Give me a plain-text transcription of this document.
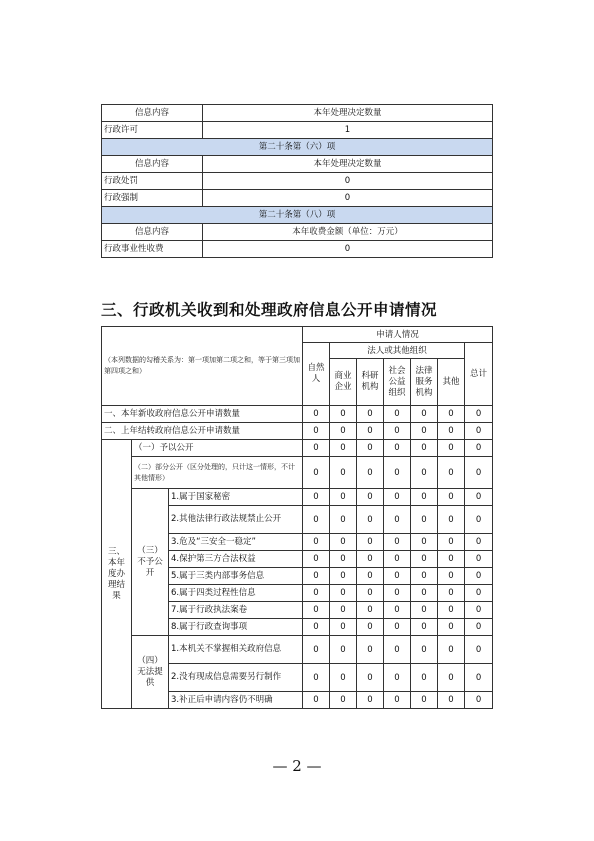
信息内容	本年处理决定数量
行政许可	1
第二十条第（六）项	
信息内容	本年处理决定数量
行政处罚	0
行政强制	0
第二十条第（八）项	
信息内容	本年收费金额（单位：万元）
行政事业性收费	0
三、行政机关收到和处理政府信息公开申请情况
（本列数据的勾稽关系为：第一项加第二项之和，等于第三项加第四项之和）			申请人情况						
			自然人	法人或其他组织					总计
				商业企业	科研机构	社会公益组织	法律服务机构	其他	
一、本年新收政府信息公开申请数量			0	0	0	0	0	0	0
二、上年结转政府信息公开申请数量			0	0	0	0	0	0	0
三、本年度办理结果	（一）予以公开		0	0	0	0	0	0	0
	（二）部分公开（区分处理的，只计这一情形，不计其他情形）		0	0	0	0	0	0	0
	（三）不予公开	1.属于国家秘密	0	0	0	0	0	0	0
		2.其他法律行政法规禁止公开	0	0	0	0	0	0	0
		3.危及“三安全一稳定”	0	0	0	0	0	0	0
		4.保护第三方合法权益	0	0	0	0	0	0	0
		5.属于三类内部事务信息	0	0	0	0	0	0	0
		6.属于四类过程性信息	0	0	0	0	0	0	0
		7.属于行政执法案卷	0	0	0	0	0	0	0
		8.属于行政查询事项	0	0	0	0	0	0	0
	（四）无法提供	1.本机关不掌握相关政府信息	0	0	0	0	0	0	0
		2.没有现成信息需要另行制作	0	0	0	0	0	0	0
		3.补正后申请内容仍不明确	0	0	0	0	0	0	0
— 2 —
